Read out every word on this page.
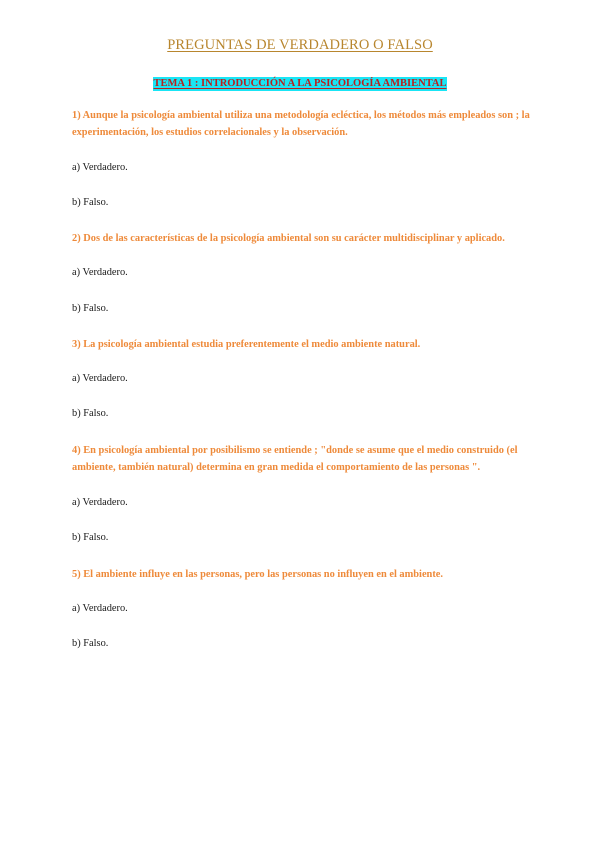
PREGUNTAS DE VERDADERO O FALSO
TEMA 1 : INTRODUCCIÓN A LA PSICOLOGÍA AMBIENTAL
1) Aunque la psicología ambiental utiliza una metodología ecléctica, los métodos más empleados son ; la experimentación, los estudios correlacionales y la observación.
a) Verdadero.
b) Falso.
2) Dos de las características de la psicología ambiental son su carácter multidisciplinar y aplicado.
a) Verdadero.
b) Falso.
3) La psicología ambiental estudia preferentemente el medio ambiente natural.
a) Verdadero.
b) Falso.
4) En psicología ambiental por posibilismo se entiende ; "donde se asume que el medio construido (el ambiente, también natural) determina en gran medida el comportamiento de las personas ".
a) Verdadero.
b) Falso.
5) El ambiente influye en las personas, pero las personas no influyen en el ambiente.
a) Verdadero.
b) Falso.
